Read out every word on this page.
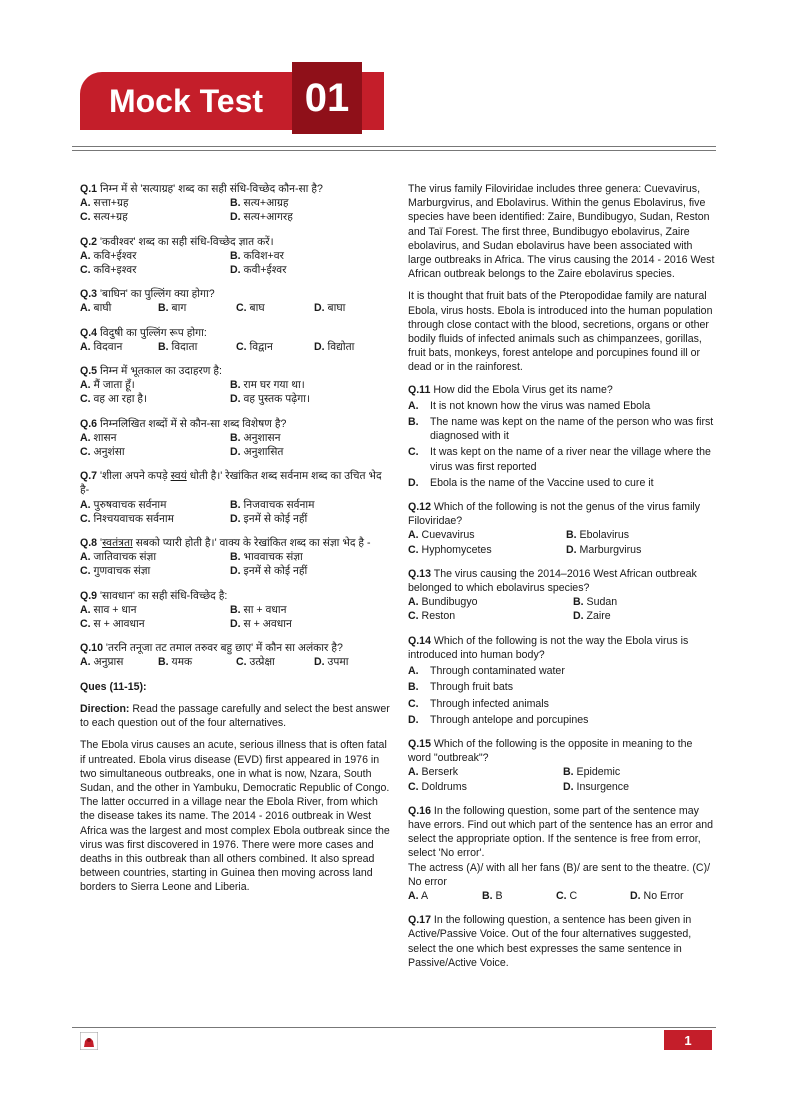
Mock Test 01
Q.1 निम्न में से 'सत्याग्रह' शब्द का सही संधि-विच्छेद कौन-सा है?
A. सत्ता+ग्रह	B. सत्य+आग्रह
C. सत्य+ग्रह	D. सत्य+आगरह
Q.2 'कवीश्वर' शब्द का सही संधि-विच्छेद ज्ञात करें।
A. कवि+ईश्वर	B. कविश+वर
C. कवि+इश्वर	D. कवी+ईश्वर
Q.3 'बाघिन' का पुल्लिंग क्या होगा?
A. बाघी	B. बाग	C. बाघ	D. बाघा
Q.4 विदुषी का पुल्लिंग रूप होगा:
A. विदवान	B. विदाता	C. विद्वान	D. विद्योता
Q.5 निम्न में भूतकाल का उदाहरण है:
A. मैं जाता हूँ।	B. राम घर गया था।
C. वह आ रहा है।	D. वह पुस्तक पढ़ेगा।
Q.6 निम्नलिखित शब्दों में से कौन-सा शब्द विशेषण है?
A. शासन	B. अनुशासन
C. अनुशंसा	D. अनुशासित
Q.7 'शीला अपने कपड़े स्वयं धोती है।' रेखांकित शब्द सर्वनाम शब्द का उचित भेद है-
A. पुरुषवाचक सर्वनाम	B. निजवाचक सर्वनाम
C. निश्चयवाचक सर्वनाम	D. इनमें से कोई नहीं
Q.8 'स्वतंत्रता सबको प्यारी होती है।' वाक्य के रेखांकित शब्द का संज्ञा भेद है -
A. जातिवाचक संज्ञा	B. भाववाचक संज्ञा
C. गुणवाचक संज्ञा	D. इनमें से कोई नहीं
Q.9 'सावधान' का सही संधि-विच्छेद है:
A. साव + धान	B. सा + वधान
C. स + आवधान	D. स + अवधान
Q.10 'तरनि तनूजा तट तमाल तरुवर बहु छाए' में कौन सा अलंकार है?
A. अनुप्रास	B. यमक	C. उत्प्रेक्षा	D. उपमा

Ques (11-15):

Direction: Read the passage carefully and select the best answer to each question out of the four alternatives.

The Ebola virus causes an acute, serious illness that is often fatal if untreated. Ebola virus disease (EVD) first appeared in 1976 in two simultaneous outbreaks, one in what is now, Nzara, South Sudan, and the other in Yambuku, Democratic Republic of Congo. The latter occurred in a village near the Ebola River, from which the disease takes its name. The 2014 - 2016 outbreak in West Africa was the largest and most complex Ebola outbreak since the virus was first discovered in 1976. There were more cases and deaths in this outbreak than all others combined. It also spread between countries, starting in Guinea then moving across land borders to Sierra Leone and Liberia.

The virus family Filoviridae includes three genera: Cuevavirus, Marburgvirus, and Ebolavirus. Within the genus Ebolavirus, five species have been identified: Zaire, Bundibugyo, Sudan, Reston and Taï Forest. The first three, Bundibugyo ebolavirus, Zaire ebolavirus, and Sudan ebolavirus have been associated with large outbreaks in Africa. The virus causing the 2014 - 2016 West African outbreak belongs to the Zaire ebolavirus species.

It is thought that fruit bats of the Pteropodidae family are natural Ebola, virus hosts. Ebola is introduced into the human population through close contact with the blood, secretions, organs or other bodily fluids of infected animals such as chimpanzees, gorillas, fruit bats, monkeys, forest antelope and porcupines found ill or dead or in the rainforest.

Q.11 How did the Ebola Virus get its name?
A.	It is not known how the virus was named Ebola
B.	The name was kept on the name of the person who was first diagnosed with it
C.	It was kept on the name of a river near the village where the virus was first reported
D.	Ebola is the name of the Vaccine used to cure it
Q.12 Which of the following is not the genus of the virus family Filoviridae?
A. Cuevavirus	B. Ebolavirus
C. Hyphomycetes	D. Marburgvirus
Q.13 The virus causing the 2014–2016 West African outbreak belonged to which ebolavirus species?
A. Bundibugyo	B. Sudan
C. Reston	D. Zaire
Q.14 Which of the following is not the way the Ebola virus is introduced into human body?
A.	Through contaminated water
B.	Through fruit bats
C.	Through infected animals
D.	Through antelope and porcupines
Q.15 Which of the following is the opposite in meaning to the word "outbreak"?
A. Berserk	B. Epidemic
C. Doldrums	D. Insurgence
Q.16 In the following question, some part of the sentence may have errors. Find out which part of the sentence has an error and select the appropriate option. If the sentence is free from error, select 'No error'.
The actress (A)/ with all her fans (B)/ are sent to the theatre. (C)/ No error
A. A	B. B	C. C	D. No Error
Q.17 In the following question, a sentence has been given in Active/Passive Voice. Out of the four alternatives suggested, select the one which best expresses the same sentence in Passive/Active Voice.
1
